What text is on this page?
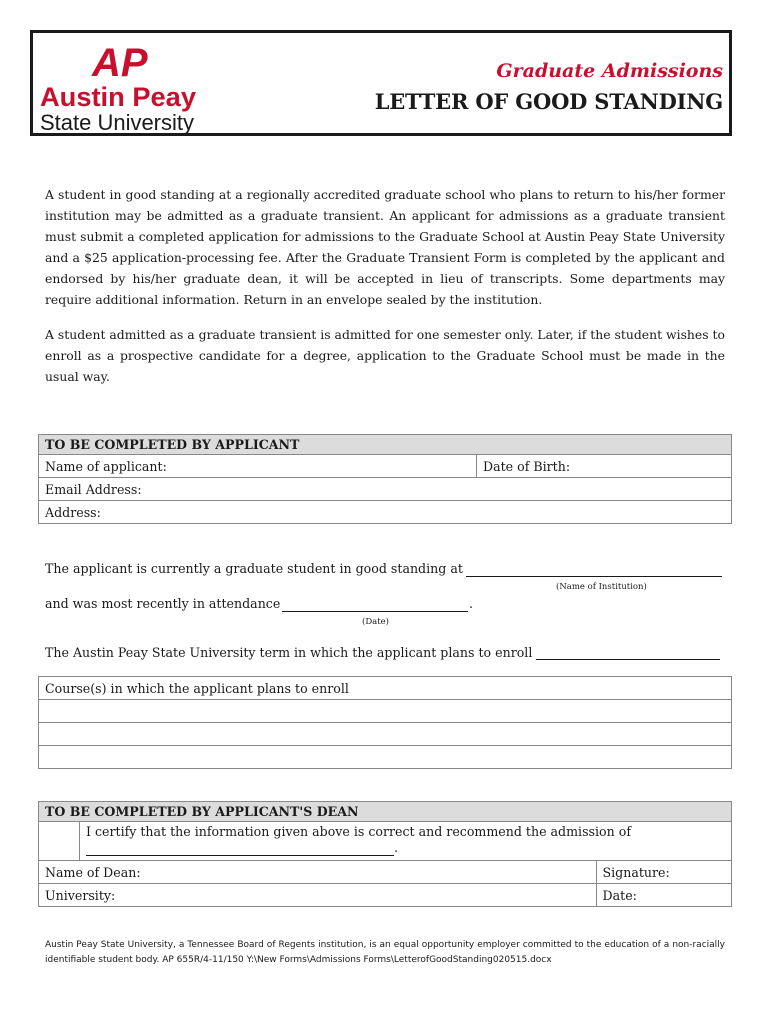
AP
Austin Peay
State University
Graduate Admissions
LETTER OF GOOD STANDING
A student in good standing at a regionally accredited graduate school who plans to return to his/her former institution may be admitted as a graduate transient. An applicant for admissions as a graduate transient must submit a completed application for admissions to the Graduate School at Austin Peay State University and a $25 application-processing fee. After the Graduate Transient Form is completed by the applicant and endorsed by his/her graduate dean, it will be accepted in lieu of transcripts. Some departments may require additional information. Return in an envelope sealed by the institution.
A student admitted as a graduate transient is admitted for one semester only. Later, if the student wishes to enroll as a prospective candidate for a degree, application to the Graduate School must be made in the usual way.
TO BE COMPLETED BY APPLICANT
Name of applicant:	Date of Birth:
Email Address:
Address:
The applicant is currently a graduate student in good standing at
(Name of Institution)
and was most recently in attendance	.
(Date)
The Austin Peay State University term in which the applicant plans to enroll
Course(s) in which the applicant plans to enroll

TO BE COMPLETED BY APPLICANT'S DEAN		
	I certify that the information given above is correct and recommend the admission of
.	
Name of Dean:		Signature:
University:		Date:
Austin Peay State University, a Tennessee Board of Regents institution, is an equal opportunity employer committed to the education of a non-racially identifiable student body. AP 655R/4-11/150 Y:\New Forms\Admissions Forms\LetterofGoodStanding020515.docx
